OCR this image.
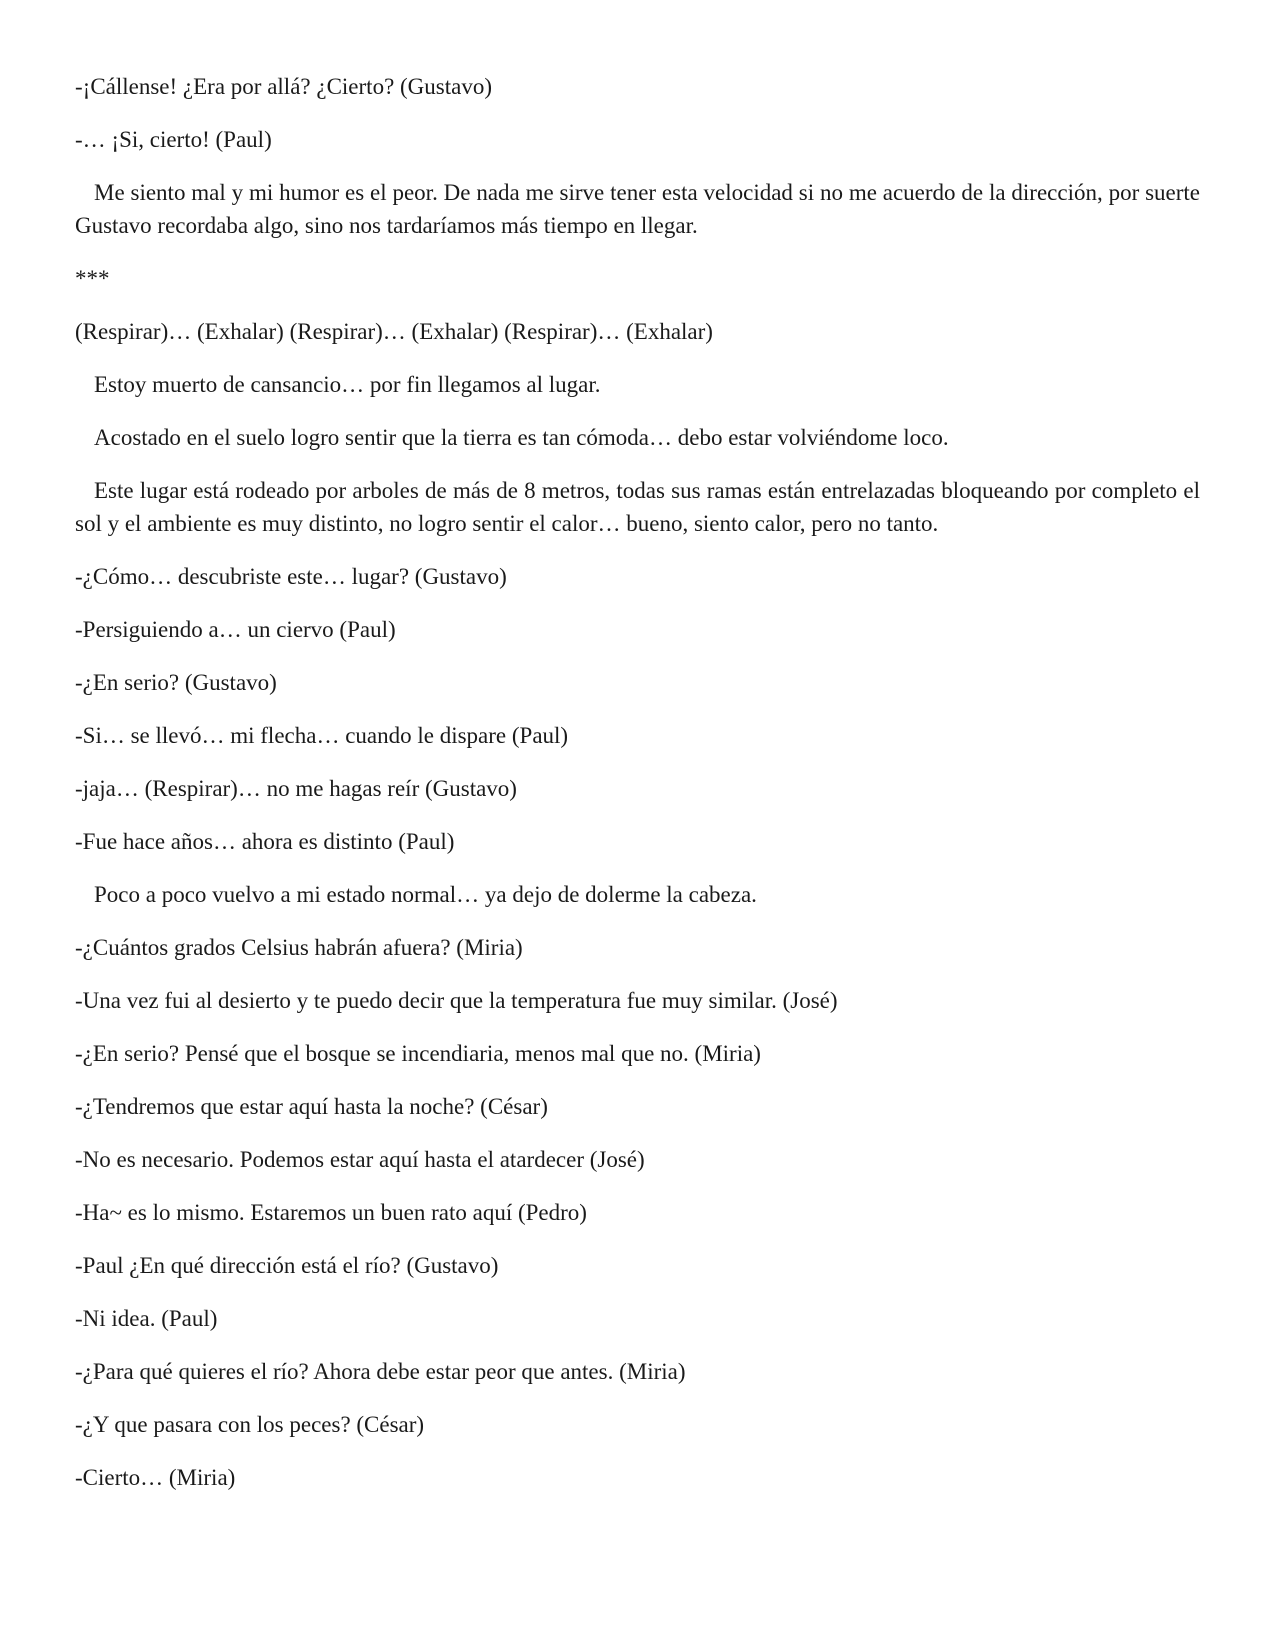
-¡Cállense! ¿Era por allá? ¿Cierto? (Gustavo)

-… ¡Si, cierto! (Paul)

Me siento mal y mi humor es el peor. De nada me sirve tener esta velocidad si no me acuerdo de la dirección, por suerte Gustavo recordaba algo, sino nos tardaríamos más tiempo en llegar.

***

(Respirar)… (Exhalar) (Respirar)… (Exhalar) (Respirar)… (Exhalar)

Estoy muerto de cansancio… por fin llegamos al lugar.

Acostado en el suelo logro sentir que la tierra es tan cómoda… debo estar volviéndome loco.

Este lugar está rodeado por arboles de más de 8 metros, todas sus ramas están entrelazadas bloqueando por completo el sol y el ambiente es muy distinto, no logro sentir el calor… bueno, siento calor, pero no tanto.

-¿Cómo… descubriste este… lugar? (Gustavo)

-Persiguiendo a… un ciervo (Paul)

-¿En serio? (Gustavo)

-Si… se llevó… mi flecha… cuando le dispare (Paul)

-jaja… (Respirar)… no me hagas reír (Gustavo)

-Fue hace años… ahora es distinto (Paul)

Poco a poco vuelvo a mi estado normal… ya dejo de dolerme la cabeza.

-¿Cuántos grados Celsius habrán afuera? (Miria)

-Una vez fui al desierto y te puedo decir que la temperatura fue muy similar. (José)

-¿En serio? Pensé que el bosque se incendiaria, menos mal que no. (Miria)

-¿Tendremos que estar aquí hasta la noche? (César)

-No es necesario. Podemos estar aquí hasta el atardecer (José)

-Ha~ es lo mismo. Estaremos un buen rato aquí (Pedro)

-Paul ¿En qué dirección está el río? (Gustavo)

-Ni idea. (Paul)

-¿Para qué quieres el río? Ahora debe estar peor que antes. (Miria)

-¿Y que pasara con los peces? (César)

-Cierto… (Miria)
